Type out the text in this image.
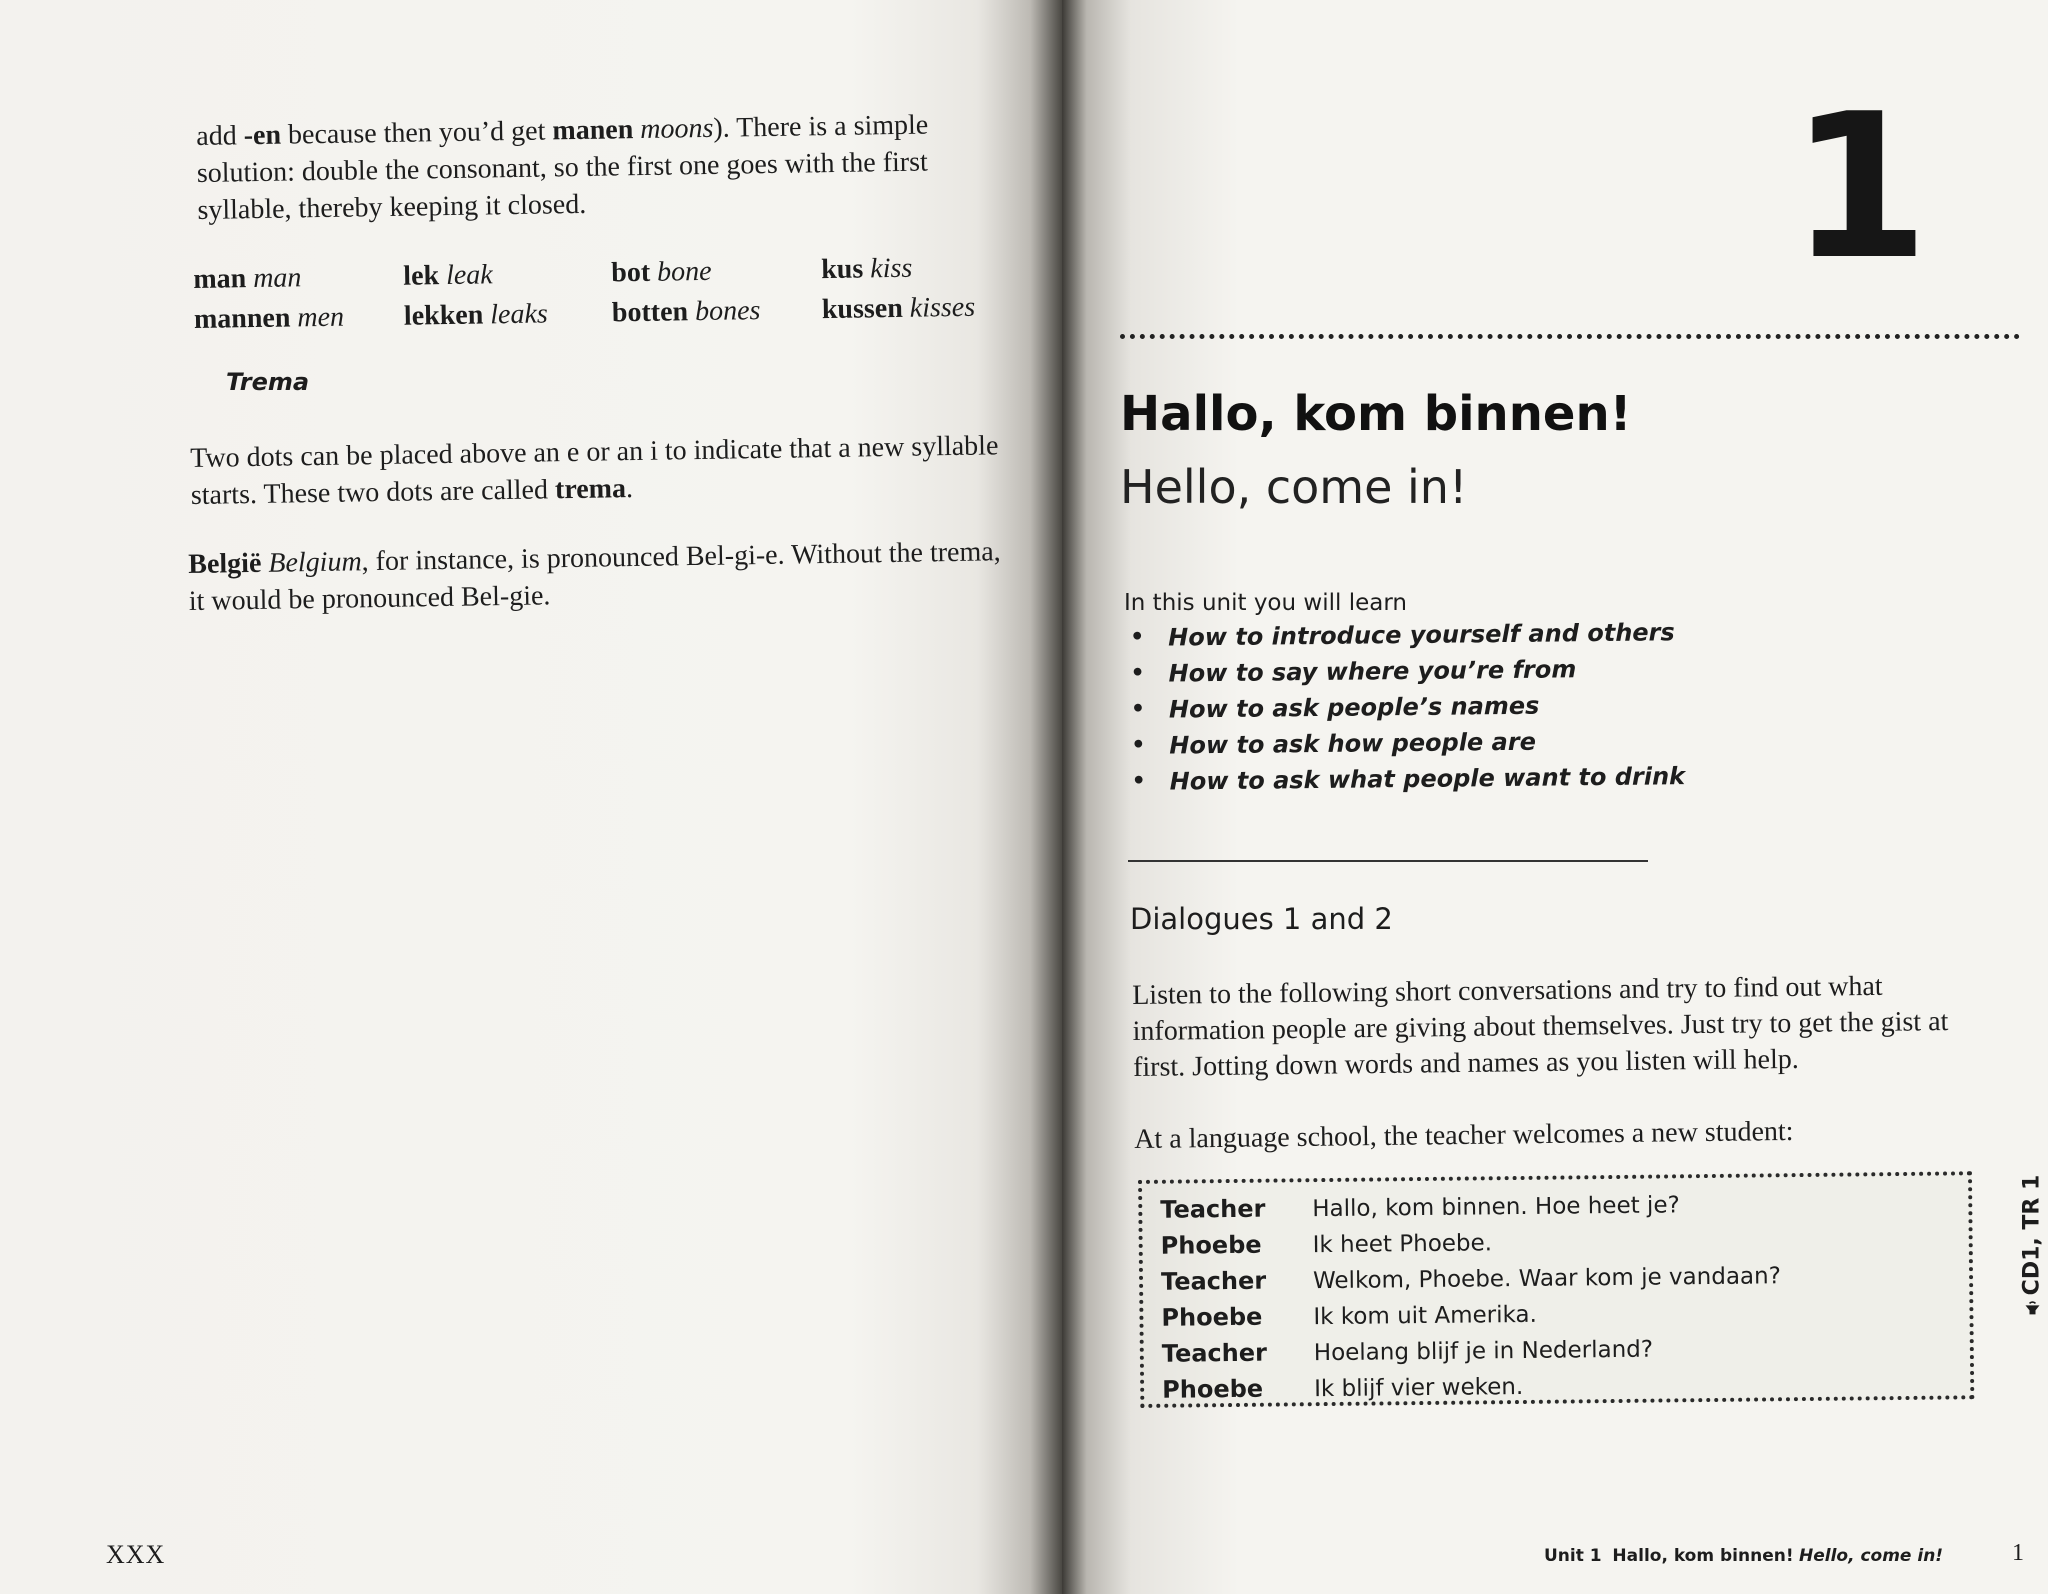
add -en because then you’d get manen moons). There is a simple solution: double the consonant, so the first one goes with the first syllable, thereby keeping it closed.

man man
mannen men
lek leak
lekken leaks
bot bone
botten bones
kus kiss
kussen kisses
Trema

Two dots can be placed above an e or an i to indicate that a new syllable starts. These two dots are called trema.

België Belgium, for instance, is pronounced Bel-gi-e. Without the trema, it would be pronounced Bel-gie.

XXX
1
Hallo, kom binnen!
Hello, come in!
In this unit you will learn
• How to introduce yourself and others
• How to say where you’re from
• How to ask people’s names
• How to ask how people are
• How to ask what people want to drink
Dialogues 1 and 2

Listen to the following short conversations and try to find out what information people are giving about themselves. Just try to get the gist at first. Jotting down words and names as you listen will help.

At a language school, the teacher welcomes a new student:

Teacher Hallo, kom binnen. Hoe heet je?
Phoebe Ik heet Phoebe.
Teacher Welkom, Phoebe. Waar kom je vandaan?
Phoebe Ik kom uit Amerika.
Teacher Hoelang blijf je in Nederland?
Phoebe Ik blijf vier weken.
CD1, TR 1
Unit 1 Hallo, kom binnen! Hello, come in!	1
